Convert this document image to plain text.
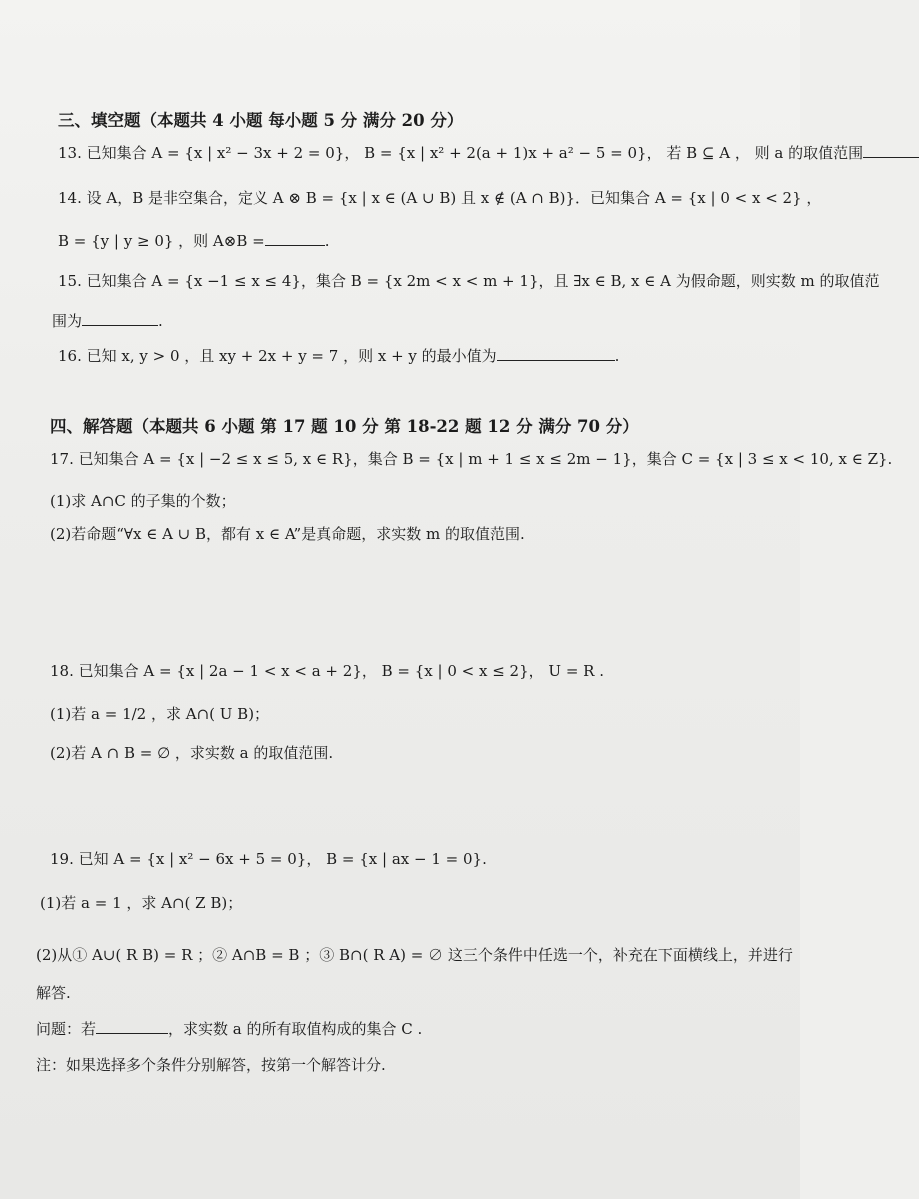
三、填空题（本题共 4 小题 每小题 5 分 满分 20 分）
13. 已知集合 A = {x | x² − 3x + 2 = 0}， B = {x | x² + 2(a + 1)x + a² − 5 = 0}， 若 B ⊆ A ， 则 a 的取值范围
14. 设 A，B 是非空集合，定义 A ⊗ B = {x | x ∈ (A ∪ B) 且 x ∉ (A ∩ B)}．已知集合 A = {x | 0 < x < 2} ，
B = {y | y ≥ 0} ，则 A⊗B =	.
15. 已知集合 A = {x −1 ≤ x ≤ 4}，集合 B = {x 2m < x < m + 1}，且 ∃x ∈ B, x ∈ A 为假命题，则实数 m 的取值范
围为	.
16. 已知 x, y > 0 ，且 xy + 2x + y = 7 ，则 x + y 的最小值为	.
四、解答题（本题共 6 小题 第 17 题 10 分 第 18-22 题 12 分 满分 70 分）
17. 已知集合 A = {x | −2 ≤ x ≤ 5, x ∈ R}，集合 B = {x | m + 1 ≤ x ≤ 2m − 1}，集合 C = {x | 3 ≤ x < 10, x ∈ Z}.
(1)求 A∩C 的子集的个数；
(2)若命题“∀x ∈ A ∪ B，都有 x ∈ A”是真命题，求实数 m 的取值范围.
18. 已知集合 A = {x | 2a − 1 < x < a + 2}， B = {x | 0 < x ≤ 2}， U = R .
(1)若 a = 1/2 ，求 A∩( U B)；
(2)若 A ∩ B = ∅ ，求实数 a 的取值范围.
19. 已知 A = {x | x² − 6x + 5 = 0}， B = {x | ax − 1 = 0}.
(1)若 a = 1 ，求 A∩( Z B)；
(2)从① A∪( R B) = R ；② A∩B = B ；③ B∩( R A) = ∅ 这三个条件中任选一个，补充在下面横线上，并进行
解答.
问题：若	，求实数 a 的所有取值构成的集合 C .
注：如果选择多个条件分别解答，按第一个解答计分.
